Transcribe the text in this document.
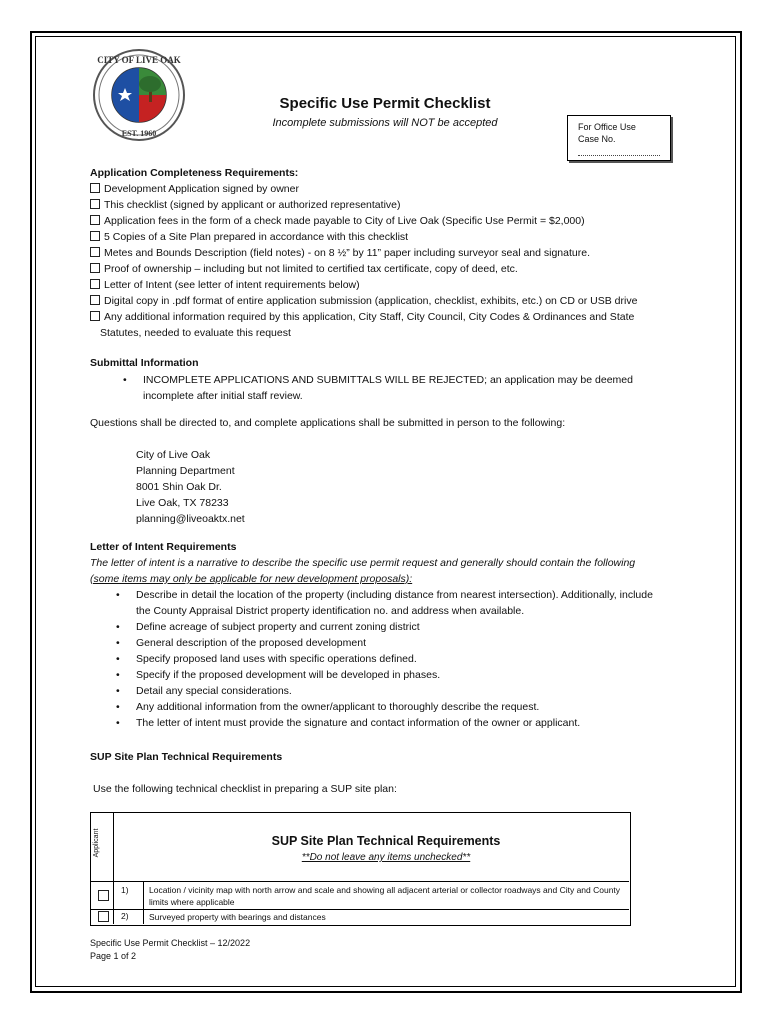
CITY OF LIVE OAK
EST. 1960
Specific Use Permit Checklist
Incomplete submissions will NOT be accepted	For Office Use
Case No.
Application Completeness Requirements:
Development Application signed by owner
This checklist (signed by applicant or authorized representative)
Application fees in the form of a check made payable to City of Live Oak (Specific Use Permit = $2,000)
5 Copies of a Site Plan prepared in accordance with this checklist
Metes and Bounds Description (field notes) - on 8 ½” by 11” paper including surveyor seal and signature.
Proof of ownership – including but not limited to certified tax certificate, copy of deed, etc.
Letter of Intent (see letter of intent requirements below)
Digital copy in .pdf format of entire application submission (application, checklist, exhibits, etc.) on CD or USB drive
Any additional information required by this application, City Staff, City Council, City Codes & Ordinances and State
Statutes, needed to evaluate this request
Submittal Information
• INCOMPLETE APPLICATIONS AND SUBMITTALS WILL BE REJECTED; an application may be deemed
incomplete after initial staff review.
Questions shall be directed to, and complete applications shall be submitted in person to the following:
City of Live Oak
Planning Department
8001 Shin Oak Dr.
Live Oak, TX 78233
planning@liveoaktx.net
Letter of Intent Requirements
The letter of intent is a narrative to describe the specific use permit request and generally should contain the following
(some items may only be applicable for new development proposals):
• Describe in detail the location of the property (including distance from nearest intersection). Additionally, include
the County Appraisal District property identification no. and address when available.
• Define acreage of subject property and current zoning district
• General description of the proposed development
• Specify proposed land uses with specific operations defined.
• Specify if the proposed development will be developed in phases.
• Detail any special considerations.
• Any additional information from the owner/applicant to thoroughly describe the request.
• The letter of intent must provide the signature and contact information of the owner or applicant.
SUP Site Plan Technical Requirements
Use the following technical checklist in preparing a SUP site plan:
Applicant	SUP Site Plan Technical Requirements
**Do not leave any items unchecked**
1) Location / vicinity map with north arrow and scale and showing all adjacent arterial or collector roadways and City and County limits where applicable
2) Surveyed property with bearings and distances
Specific Use Permit Checklist – 12/2022
Page 1 of 2
